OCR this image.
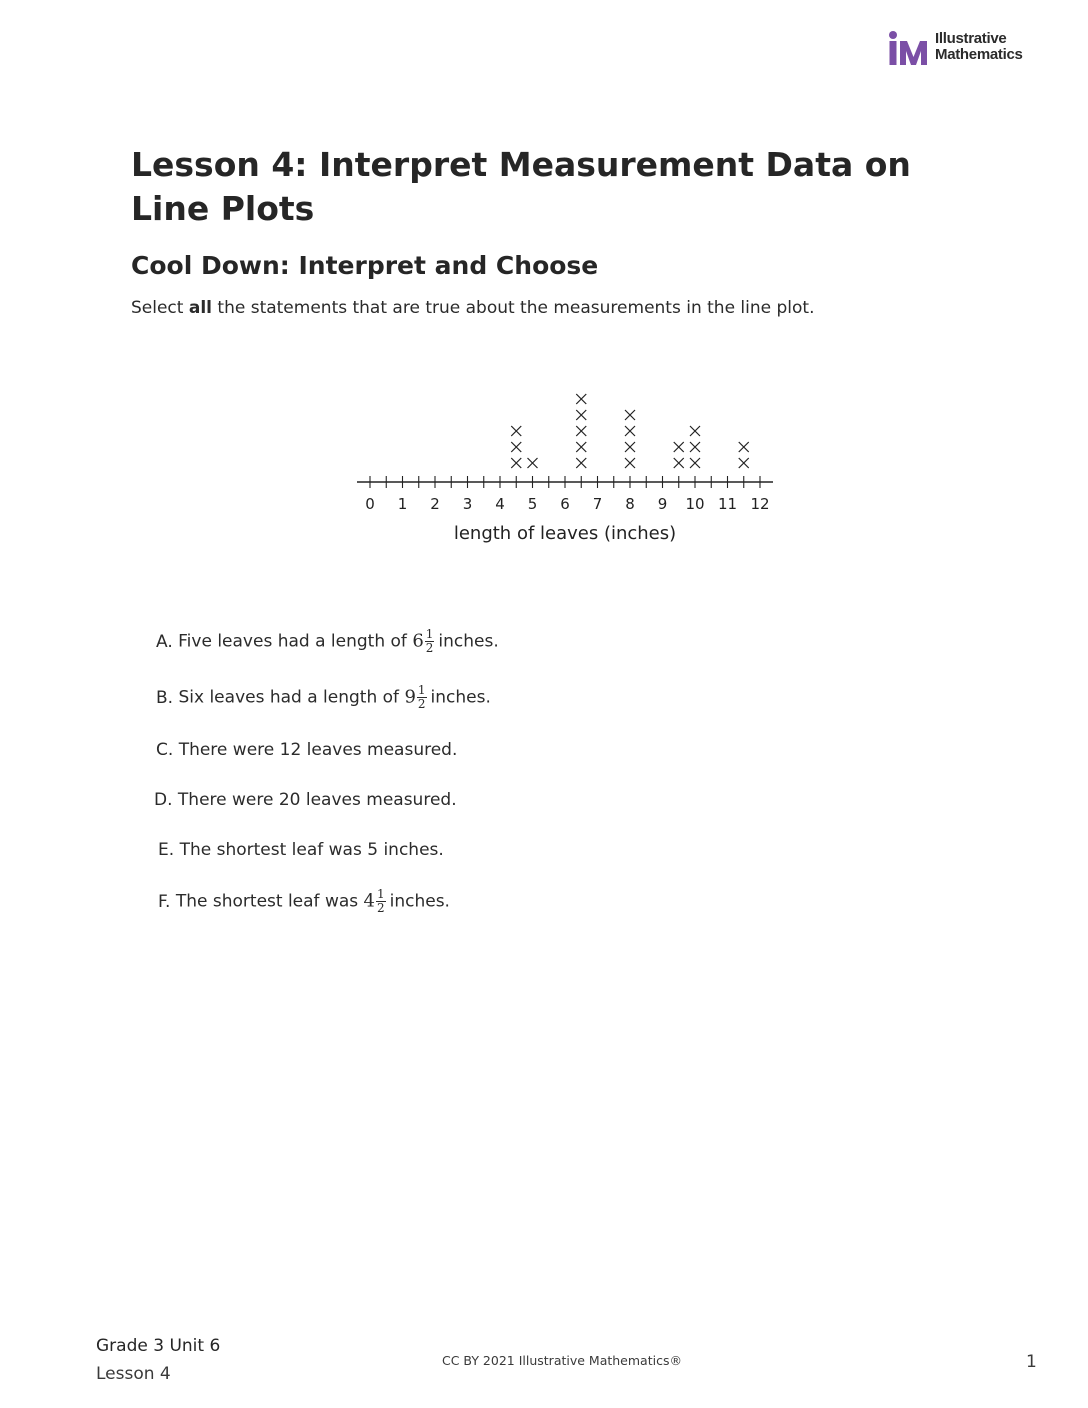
Illustrative
Mathematics
Lesson 4: Interpret Measurement Data on Line Plots
Cool Down: Interpret and Choose
Select all the statements that are true about the measurements in the line plot.
0 1 2 3 4 5 6 7 8 9 10 11 12
length of leaves (inches)
A. Five leaves had a length of $6 \frac{1}{2}$ inches.
B. Six leaves had a length of $9 \frac{1}{2}$ inches.
C. There were 12 leaves measured.
D. There were 20 leaves measured.
E. The shortest leaf was 5 inches.
F. The shortest leaf was $4 \frac{1}{2}$ inches.
Grade 3 Unit 6
Lesson 4
CC BY 2021 Illustrative Mathematics®	1
